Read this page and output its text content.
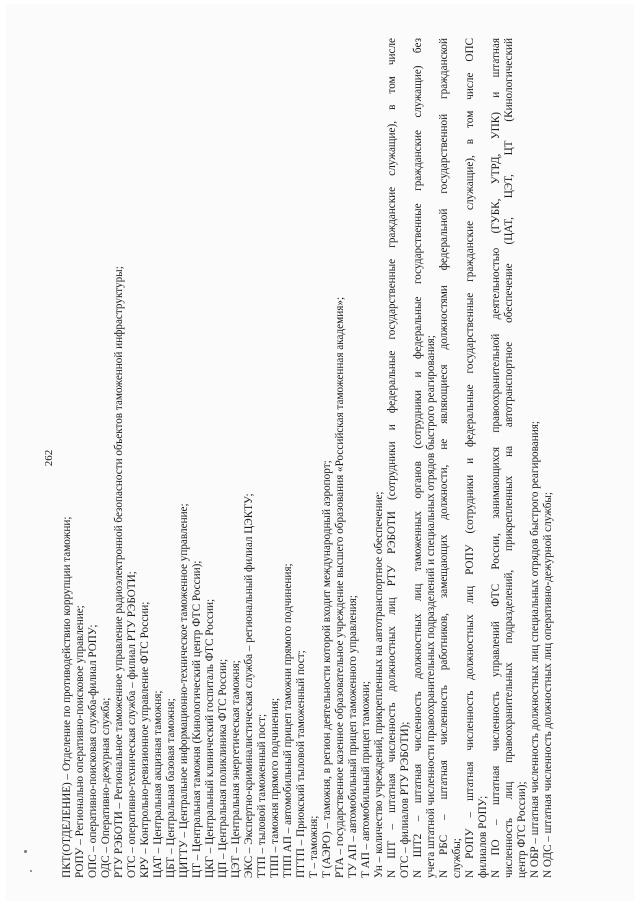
262
ПКТ(ОТДЕЛЕНИЕ) – Отделение по противодействию коррупции таможни; РОПУ – Регионально оперативно-поисковое управление; ОПС – оперативно-поисковая служба-филиал РОПУ; ОДС – Оперативно-дежурная служба; РТУ РЭБОТИ – Региональное таможенное управление радиоэлектронной безопасности объектов таможенной инфраструктуры; ОТС – оперативно-техническая служба – филиал РТУ РЭБОТИ; КРУ – Контрольно-ревизионное управление ФТС России; ЦАТ – Центральная акцизная таможня; ЦБТ – Центральная базовая таможня; ЦИТТУ – Центральное информационно-техническое таможенное управление; ЦТ – Центральная таможня (Кинологический центр ФТС России); ЦКГ – Центральный клинический госпиталь ФТС России; ЦП – Центральная поликлиника ФТС России; ЦЭТ – Центральная энергетическая таможня; ЭКС – Экспертно-криминалистическая служба – региональный филиал ЦЭКТУ; ТТП – тыловой таможенный пост; ТПП – таможня прямого подчинения; ТПП АП – автомобильный прицеп таможни прямого подчинения; ПТТП – Приокский тыловой таможенный пост; Т – таможня; Т (АЭРО) – таможня, в регион деятельности которой входит международный аэропорт; РТА – государственное казенное образовательное учреждение высшего образования «Российская таможенная академия»; ТУ АП – автомобильный прицеп таможенного управления; Т АП – автомобильный прицеп таможни; Ун – количество учреждений, прикрепленных на автотранспортное обеспечение; N ШТ – штатная численность должностных лиц РТУ РЭБОТИ (сотрудники и федеральные государственные гражданские служащие), в том числе ОТС – филиалов РТУ РЭБОТИ); N ШТ2 – штатная численность должностных лиц таможенных органов (сотрудники и федеральные государственные гражданские служащие) без учета штатной численности правоохранительных подразделений и специальных отрядов быстрого реагирования; N РБС – штатная численность работников, замещающих должности, не являющиеся должностями федеральной государственной гражданской службы; N РОПУ – штатная численность должностных лиц РОПУ (сотрудники и федеральные государственные гражданские служащие), в том числе ОПС филиалов РОПУ; N ПО – штатная численность управлений ФТС России, занимающихся правоохранительной деятельностью (ГУБК, УТРД, УПК) и штатная численность лиц правоохранительных подразделений, прикрепленных на автотранспортное обеспечение (ЦАТ, ЦЭТ, ЦТ (Кинологический центр ФТС России); N ОБР – штатная численность должностных лиц специальных отрядов быстрого реагирования; N ОДС – штатная численность должностных лиц оперативно-дежурной службы;
